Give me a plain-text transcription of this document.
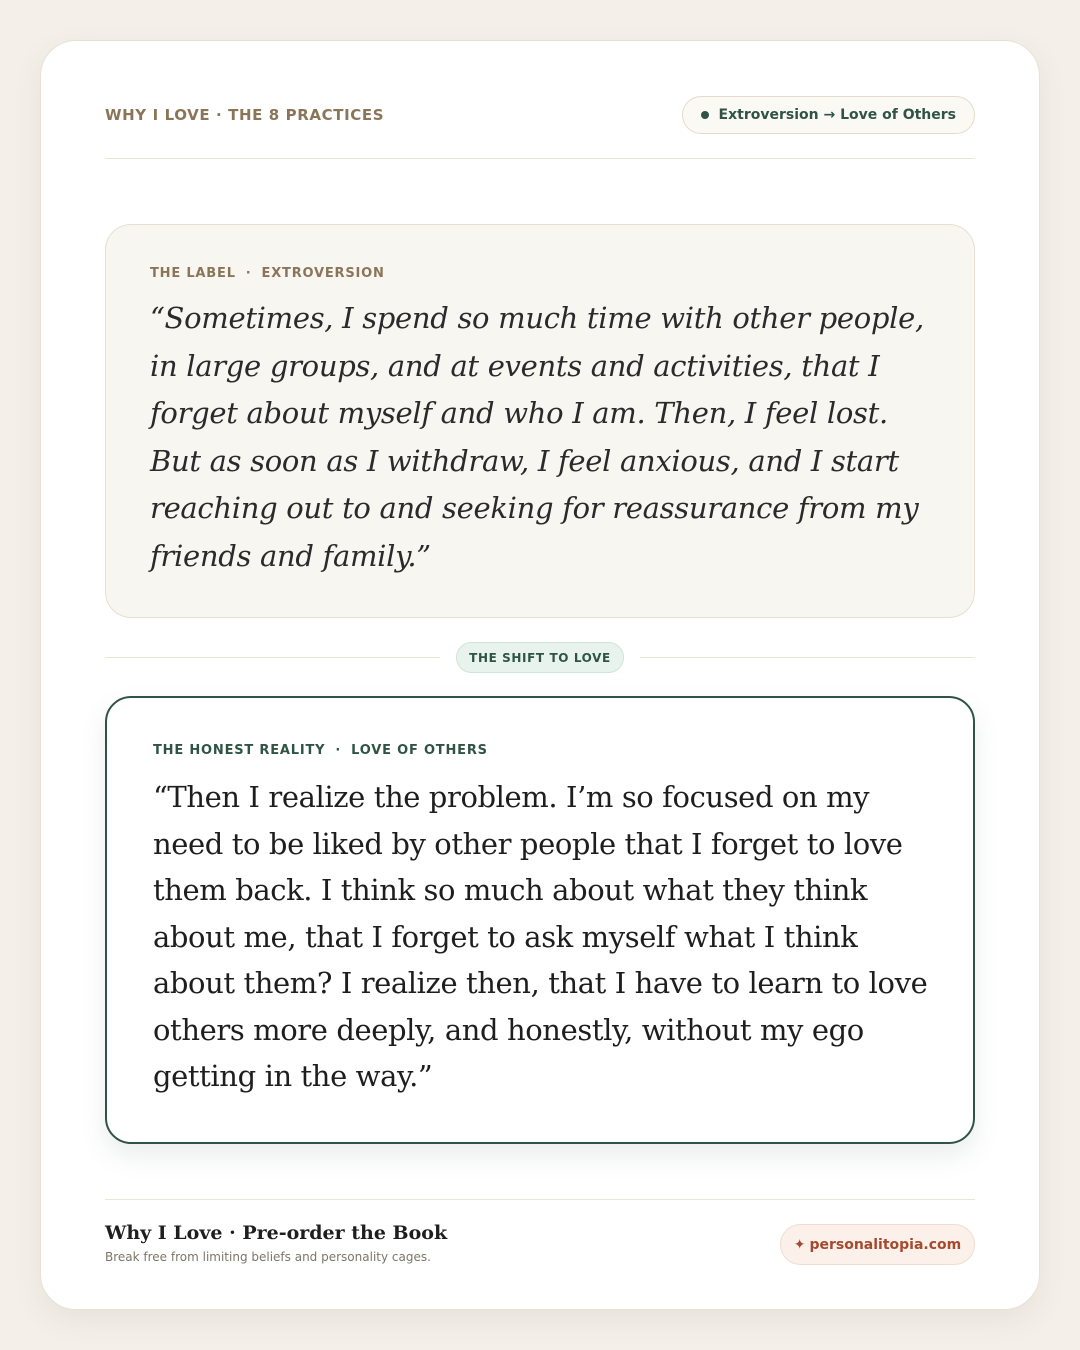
WHY I LOVE · THE 8 PRACTICES	Extroversion → Love of Others
THE LABEL · EXTROVERSION
“Sometimes, I spend so much time with other people, in large groups, and at events and activities, that I forget about myself and who I am. Then, I feel lost. But as soon as I withdraw, I feel anxious, and I start reaching out to and seeking for reassurance from my friends and family.”
THE SHIFT TO LOVE
THE HONEST REALITY · LOVE OF OTHERS
“Then I realize the problem. I’m so focused on my need to be liked by other people that I forget to love them back. I think so much about what they think about me, that I forget to ask myself what I think about them? I realize then, that I have to learn to love others more deeply, and honestly, without my ego getting in the way.”
Why I Love · Pre-order the Book
Break free from limiting beliefs and personality cages.
✦ personalitopia.com
